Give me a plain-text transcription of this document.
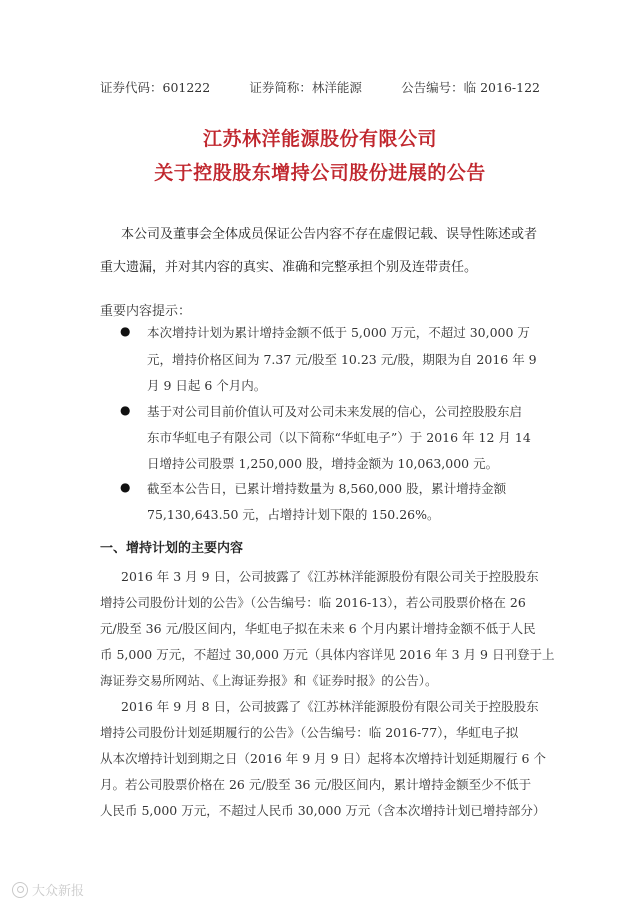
证券代码：601222	证券简称：林洋能源	公告编号：临 2016-122
江苏林洋能源股份有限公司
关于控股股东增持公司股份进展的公告
本公司及董事会全体成员保证公告内容不存在虚假记载、误导性陈述或者
重大遗漏，并对其内容的真实、准确和完整承担个别及连带责任。
重要内容提示：
●	本次增持计划为累计增持金额不低于 5,000 万元，不超过 30,000 万
元，增持价格区间为 7.37 元/股至 10.23 元/股，期限为自 2016 年 9
月 9 日起 6 个月内。
●	基于对公司目前价值认可及对公司未来发展的信心，公司控股股东启
东市华虹电子有限公司（以下简称“华虹电子”）于 2016 年 12 月 14
日增持公司股票 1,250,000 股，增持金额为 10,063,000 元。
●	截至本公告日，已累计增持数量为 8,560,000 股，累计增持金额
75,130,643.50 元，占增持计划下限的 150.26%。
一、增持计划的主要内容
2016 年 3 月 9 日，公司披露了《江苏林洋能源股份有限公司关于控股股东
增持公司股份计划的公告》（公告编号：临 2016-13），若公司股票价格在 26
元/股至 36 元/股区间内，华虹电子拟在未来 6 个月内累计增持金额不低于人民
币 5,000 万元，不超过 30,000 万元（具体内容详见 2016 年 3 月 9 日刊登于上
海证券交易所网站、《上海证券报》和《证券时报》的公告）。
2016 年 9 月 8 日，公司披露了《江苏林洋能源股份有限公司关于控股股东
增持公司股份计划延期履行的公告》（公告编号：临 2016-77），华虹电子拟
从本次增持计划到期之日（2016 年 9 月 9 日）起将本次增持计划延期履行 6 个
月。若公司股票价格在 26 元/股至 36 元/股区间内，累计增持金额至少不低于
人民币 5,000 万元，不超过人民币 30,000 万元（含本次增持计划已增持部分）
大众新报
